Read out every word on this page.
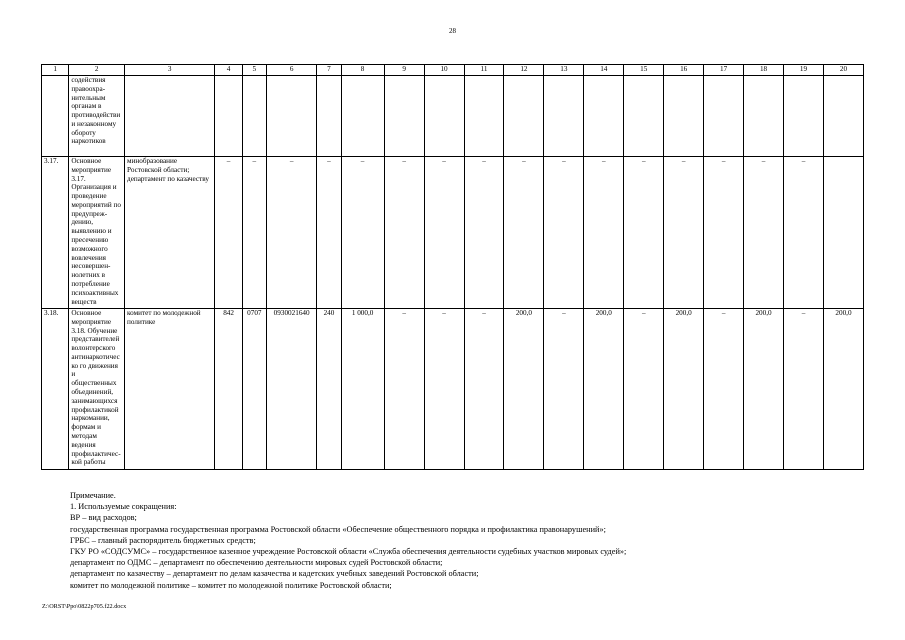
28
1	2	3	4	5	6	7	8	9	10	11	12	13	14	15	16	17	18	19	20
	содействия правоохра-нительным органам в противодействии незаконному обороту наркотиков																		
3.17.	Основное мероприятие 3.17. Организация и проведение мероприятий по предупреж-дению, выявлению и пресечению возможного вовлечения несовершен-нолетних в потребление психоактивных веществ	минобразование Ростовской области; департамент по казачеству	–	–	–	–	–	–	–	–	–	–	–	–	–	–	–	–	
3.18.	Основное мероприятие 3.18. Обучение представителей волонтерского антинаркотическо го движения и общественных объединений, занимающихся профилактикой наркомании, формам и методам ведения профилактичес-кой работы	комитет по молодежной политике	842	0707	0930021640	240	1 000,0	–	–	–	200,0	–	200,0	–	200,0	–	200,0	–	200,0
Примечание.
1. Используемые сокращения:
ВР – вид расходов;
государственная программа государственная программа Ростовской области «Обеспечение общественного порядка и профилактика правонарушений»;
ГРБС – главный распорядитель бюджетных средств;
ГКУ РО «СОДСУМС» – государственное казенное учреждение Ростовской области «Служба обеспечения деятельности судебных участков мировых судей»;
департамент по ОДМС – департамент по обеспечению деятельности мировых судей Ростовской области;
департамент по казачеству – департамент по делам казачества и кадетских учебных заведений Ростовской области;
комитет по молодежной политике – комитет по молодежной политике Ростовской области;
Z:\ORST\Ppo\0822p705.f22.docx
